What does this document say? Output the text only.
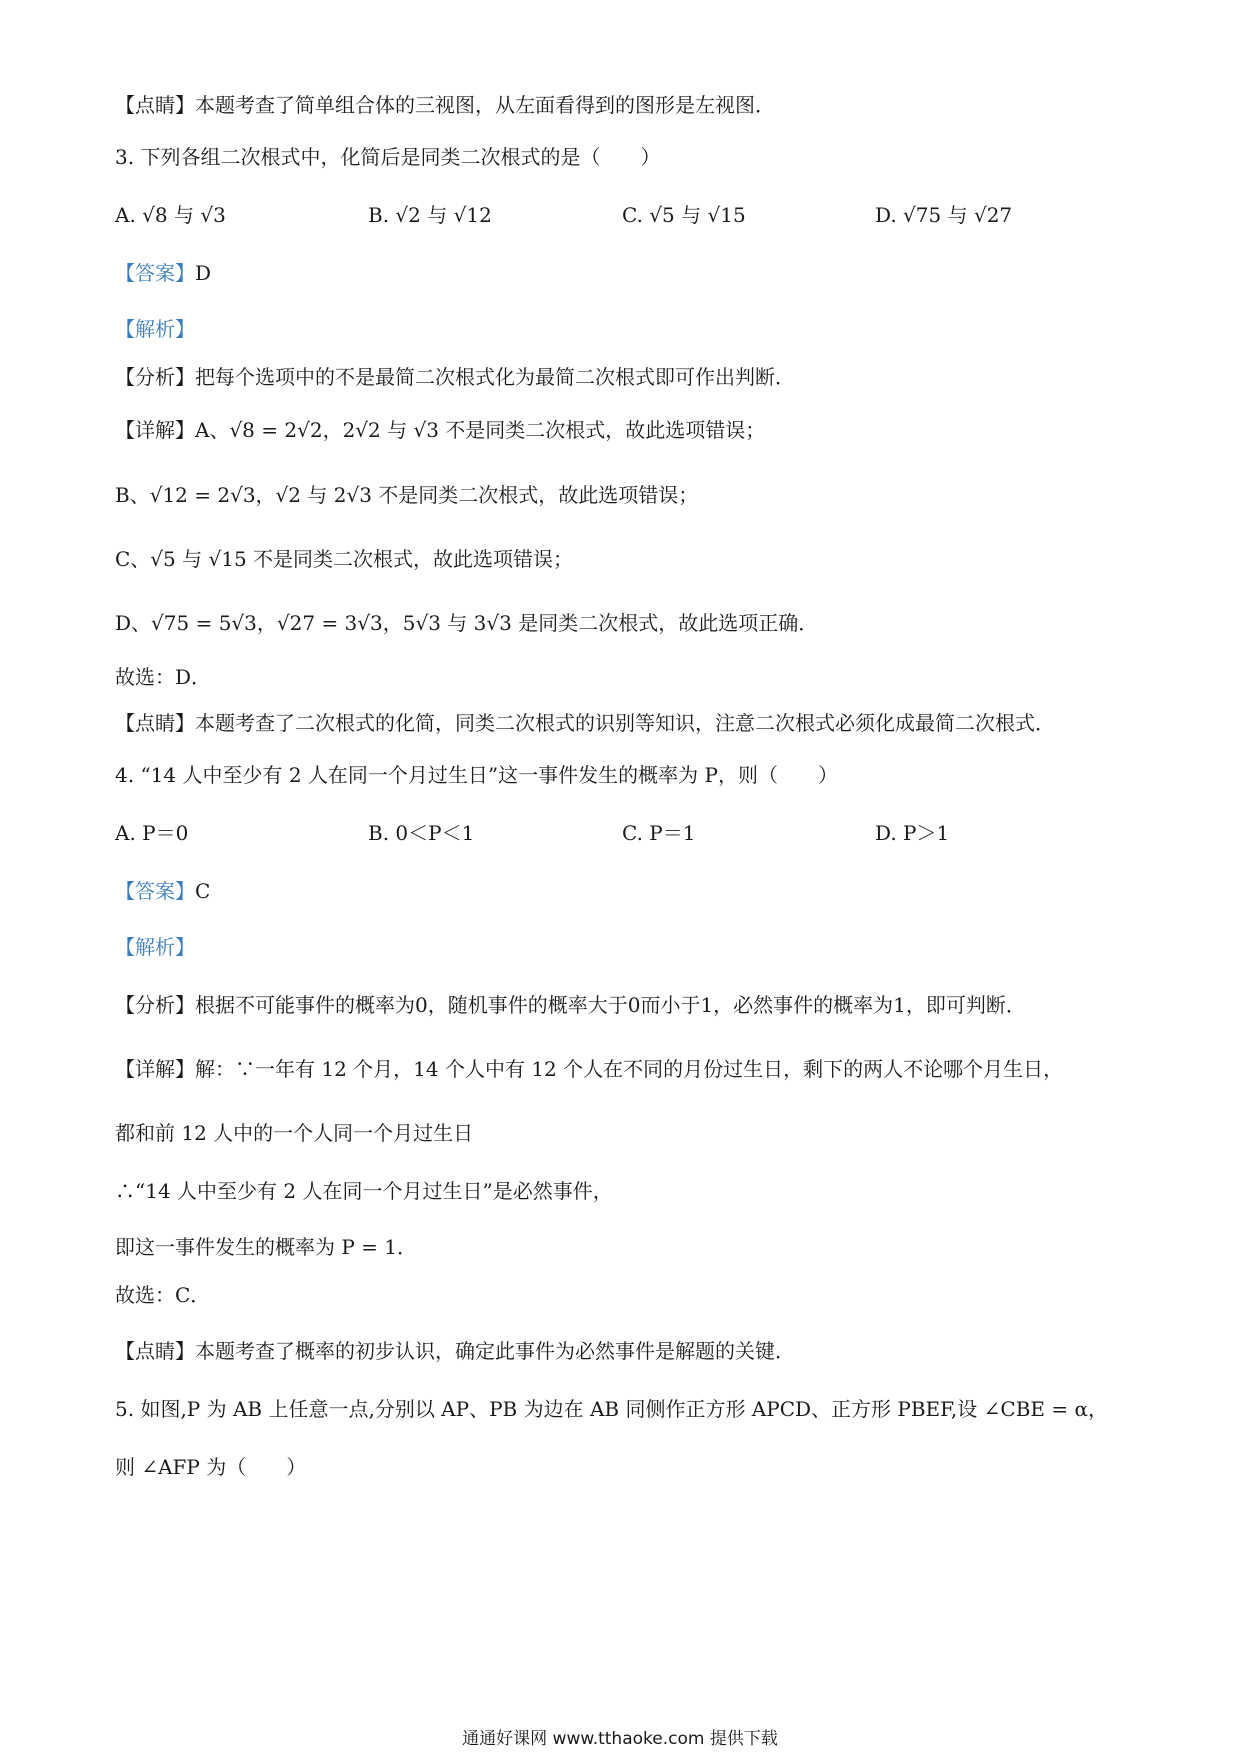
【点睛】本题考查了简单组合体的三视图，从左面看得到的图形是左视图．
3. 下列各组二次根式中，化简后是同类二次根式的是（　　）
A. √8 与 √3	B. √2 与 √12	C. √5 与 √15	D. √75 与 √27
【答案】D
【解析】
【分析】把每个选项中的不是最简二次根式化为最简二次根式即可作出判断．
【详解】A、√8 = 2√2，2√2 与 √3 不是同类二次根式，故此选项错误；
B、√12 = 2√3，√2 与 2√3 不是同类二次根式，故此选项错误；
C、√5 与 √15 不是同类二次根式，故此选项错误；
D、√75 = 5√3，√27 = 3√3，5√3 与 3√3 是同类二次根式，故此选项正确．
故选：D．
【点睛】本题考查了二次根式的化简，同类二次根式的识别等知识，注意二次根式必须化成最简二次根式．
4. “14 人中至少有 2 人在同一个月过生日”这一事件发生的概率为 P，则（　　）
A. P＝0	B. 0＜P＜1	C. P＝1	D. P＞1
【答案】C
【解析】
【分析】根据不可能事件的概率为0，随机事件的概率大于0而小于1，必然事件的概率为1，即可判断．
【详解】解：∵一年有 12 个月，14 个人中有 12 个人在不同的月份过生日，剩下的两人不论哪个月生日，
都和前 12 人中的一个人同一个月过生日
∴“14 人中至少有 2 人在同一个月过生日”是必然事件，
即这一事件发生的概率为 P = 1．
故选：C．
【点睛】本题考查了概率的初步认识，确定此事件为必然事件是解题的关键．
5. 如图,P 为 AB 上任意一点,分别以 AP、PB 为边在 AB 同侧作正方形 APCD、正方形 PBEF,设 ∠CBE = α，
则 ∠AFP 为（　　）
通通好课网 www.tthaoke.com 提供下载
